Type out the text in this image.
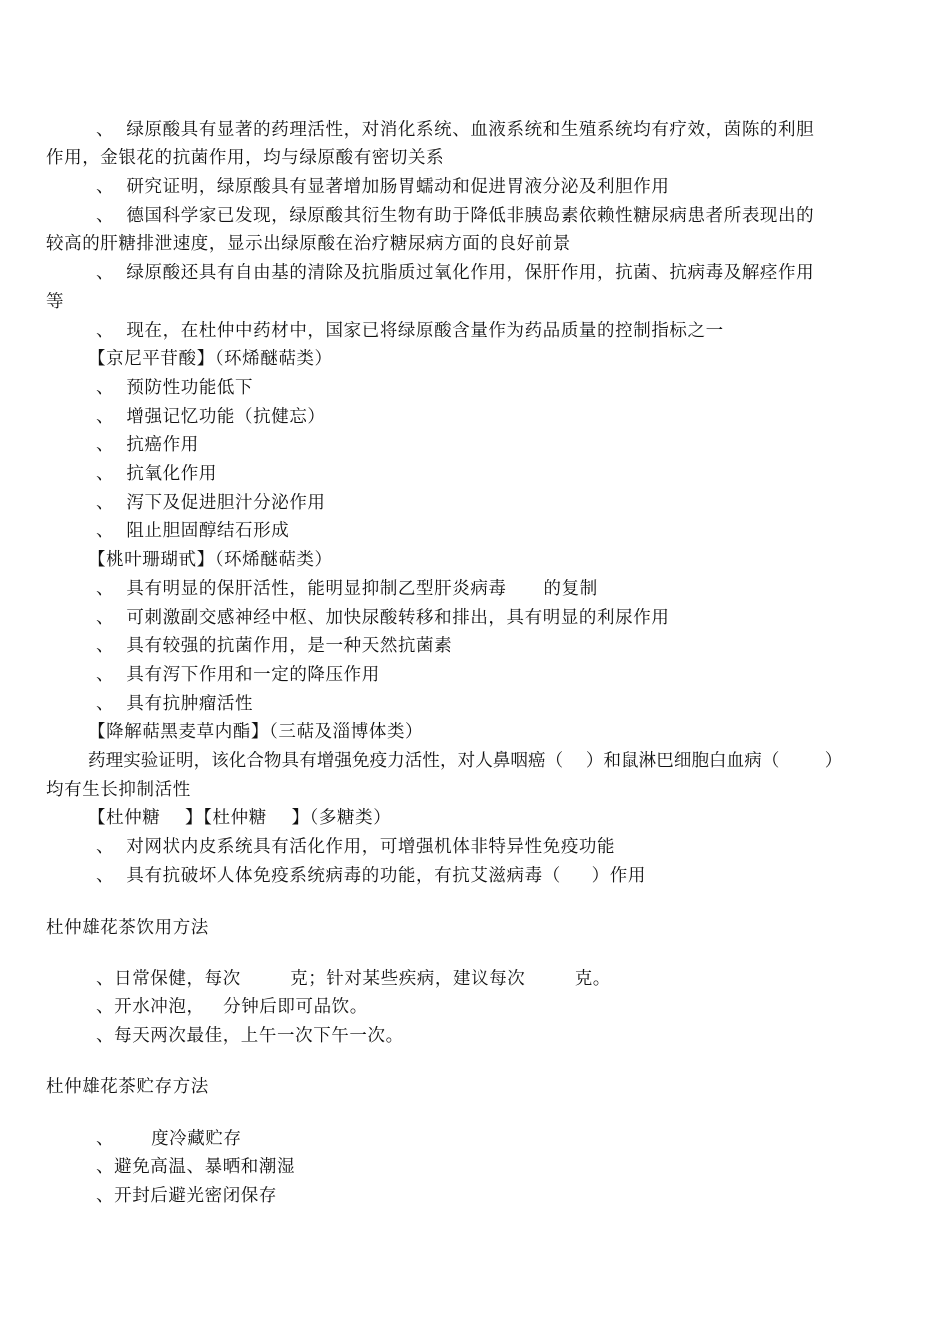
、  绿原酸具有显著的药理活性，对消化系统、血液系统和生殖系统均有疗效，茵陈的利胆
作用，金银花的抗菌作用，均与绿原酸有密切关系
、  研究证明，绿原酸具有显著增加肠胃蠕动和促进胃液分泌及利胆作用
、  德国科学家已发现，绿原酸其衍生物有助于降低非胰岛素依赖性糖尿病患者所表现出的
较高的肝糖排泄速度，显示出绿原酸在治疗糖尿病方面的良好前景
、  绿原酸还具有自由基的清除及抗脂质过氧化作用，保肝作用，抗菌、抗病毒及解痉作用
等
、  现在，在杜仲中药材中，国家已将绿原酸含量作为药品质量的控制指标之一
【京尼平苷酸】（环烯醚萜类）
、  预防性功能低下
、  增强记忆功能（抗健忘）
、  抗癌作用
、  抗氧化作用
、  泻下及促进胆汁分泌作用
、  阻止胆固醇结石形成
【桃叶珊瑚甙】（环烯醚萜类）
、  具有明显的保肝活性，能明显抑制乙型肝炎病毒      的复制
、  可刺激副交感神经中枢、加快尿酸转移和排出，具有明显的利尿作用
、  具有较强的抗菌作用，是一种天然抗菌素
、  具有泻下作用和一定的降压作用
、  具有抗肿瘤活性
【降解萜黑麦草内酯】（三萜及淄博体类）
药理实验证明，该化合物具有增强免疫力活性，对人鼻咽癌（    ）和鼠淋巴细胞白血病（        ）
均有生长抑制活性
【杜仲糖    】【杜仲糖    】（多糖类）
、  对网状内皮系统具有活化作用，可增强机体非特异性免疫功能
、  具有抗破坏人体免疫系统病毒的功能，有抗艾滋病毒（     ）作用
杜仲雄花茶饮用方法
、日常保健，每次        克；针对某些疾病，建议每次        克。
、开水冲泡，   分钟后即可品饮。
、每天两次最佳，上午一次下午一次。
杜仲雄花茶贮存方法
、      度冷藏贮存
、避免高温、暴晒和潮湿
、开封后避光密闭保存
